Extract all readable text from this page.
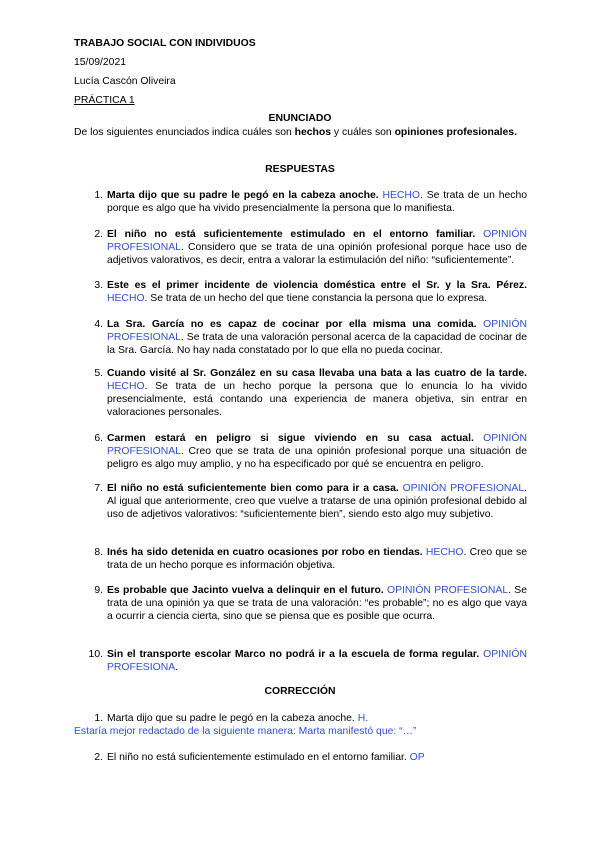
TRABAJO SOCIAL CON INDIVIDUOS
15/09/2021
Lucía Cascón Oliveira
PRÁCTICA 1
ENUNCIADO
De los siguientes enunciados indica cuáles son hechos y cuáles son opiniones profesionales.
RESPUESTAS
1. Marta dijo que su padre le pegó en la cabeza anoche. HECHO. Se trata de un hecho porque es algo que ha vivido presencialmente la persona que lo manifiesta.
2. El niño no está suficientemente estimulado en el entorno familiar. OPINIÓN PROFESIONAL. Considero que se trata de una opinión profesional porque hace uso de adjetivos valorativos, es decir, entra a valorar la estimulación del niño: “suficientemente”.
3. Este es el primer incidente de violencia doméstica entre el Sr. y la Sra. Pérez. HECHO. Se trata de un hecho del que tiene constancia la persona que lo expresa.
4. La Sra. García no es capaz de cocinar por ella misma una comida. OPINIÓN PROFESIONAL. Se trata de una valoración personal acerca de la capacidad de cocinar de la Sra. García. No hay nada constatado por lo que ella no pueda cocinar.
5. Cuando visité al Sr. González en su casa llevaba una bata a las cuatro de la tarde. HECHO. Se trata de un hecho porque la persona que lo enuncia lo ha vivido presencialmente, está contando una experiencia de manera objetiva, sin entrar en valoraciones personales.
6. Carmen estará en peligro si sigue viviendo en su casa actual. OPINIÓN PROFESIONAL. Creo que se trata de una opinión profesional porque una situación de peligro es algo muy amplio, y no ha especificado por qué se encuentra en peligro.
7. El niño no está suficientemente bien como para ir a casa. OPINIÓN PROFESIONAL. Al igual que anteriormente, creo que vuelve a tratarse de una opinión profesional debido al uso de adjetivos valorativos: “suficientemente bien”, siendo esto algo muy subjetivo.
8. Inés ha sido detenida en cuatro ocasiones por robo en tiendas. HECHO. Creo que se trata de un hecho porque es información objetiva.
9. Es probable que Jacinto vuelva a delinquir en el futuro. OPINIÓN PROFESIONAL. Se trata de una opinión ya que se trata de una valoración: “es probable”; no es algo que vaya a ocurrir a ciencia cierta, sino que se piensa que es posible que ocurra.
10. Sin el transporte escolar Marco no podrá ir a la escuela de forma regular. OPINIÓN PROFESIONA.
CORRECCIÓN
1. Marta dijo que su padre le pegó en la cabeza anoche. H.
Estaría mejor redactado de la siguiente manera: Marta manifestó que: “…”
2. El niño no está suficientemente estimulado en el entorno familiar. OP
